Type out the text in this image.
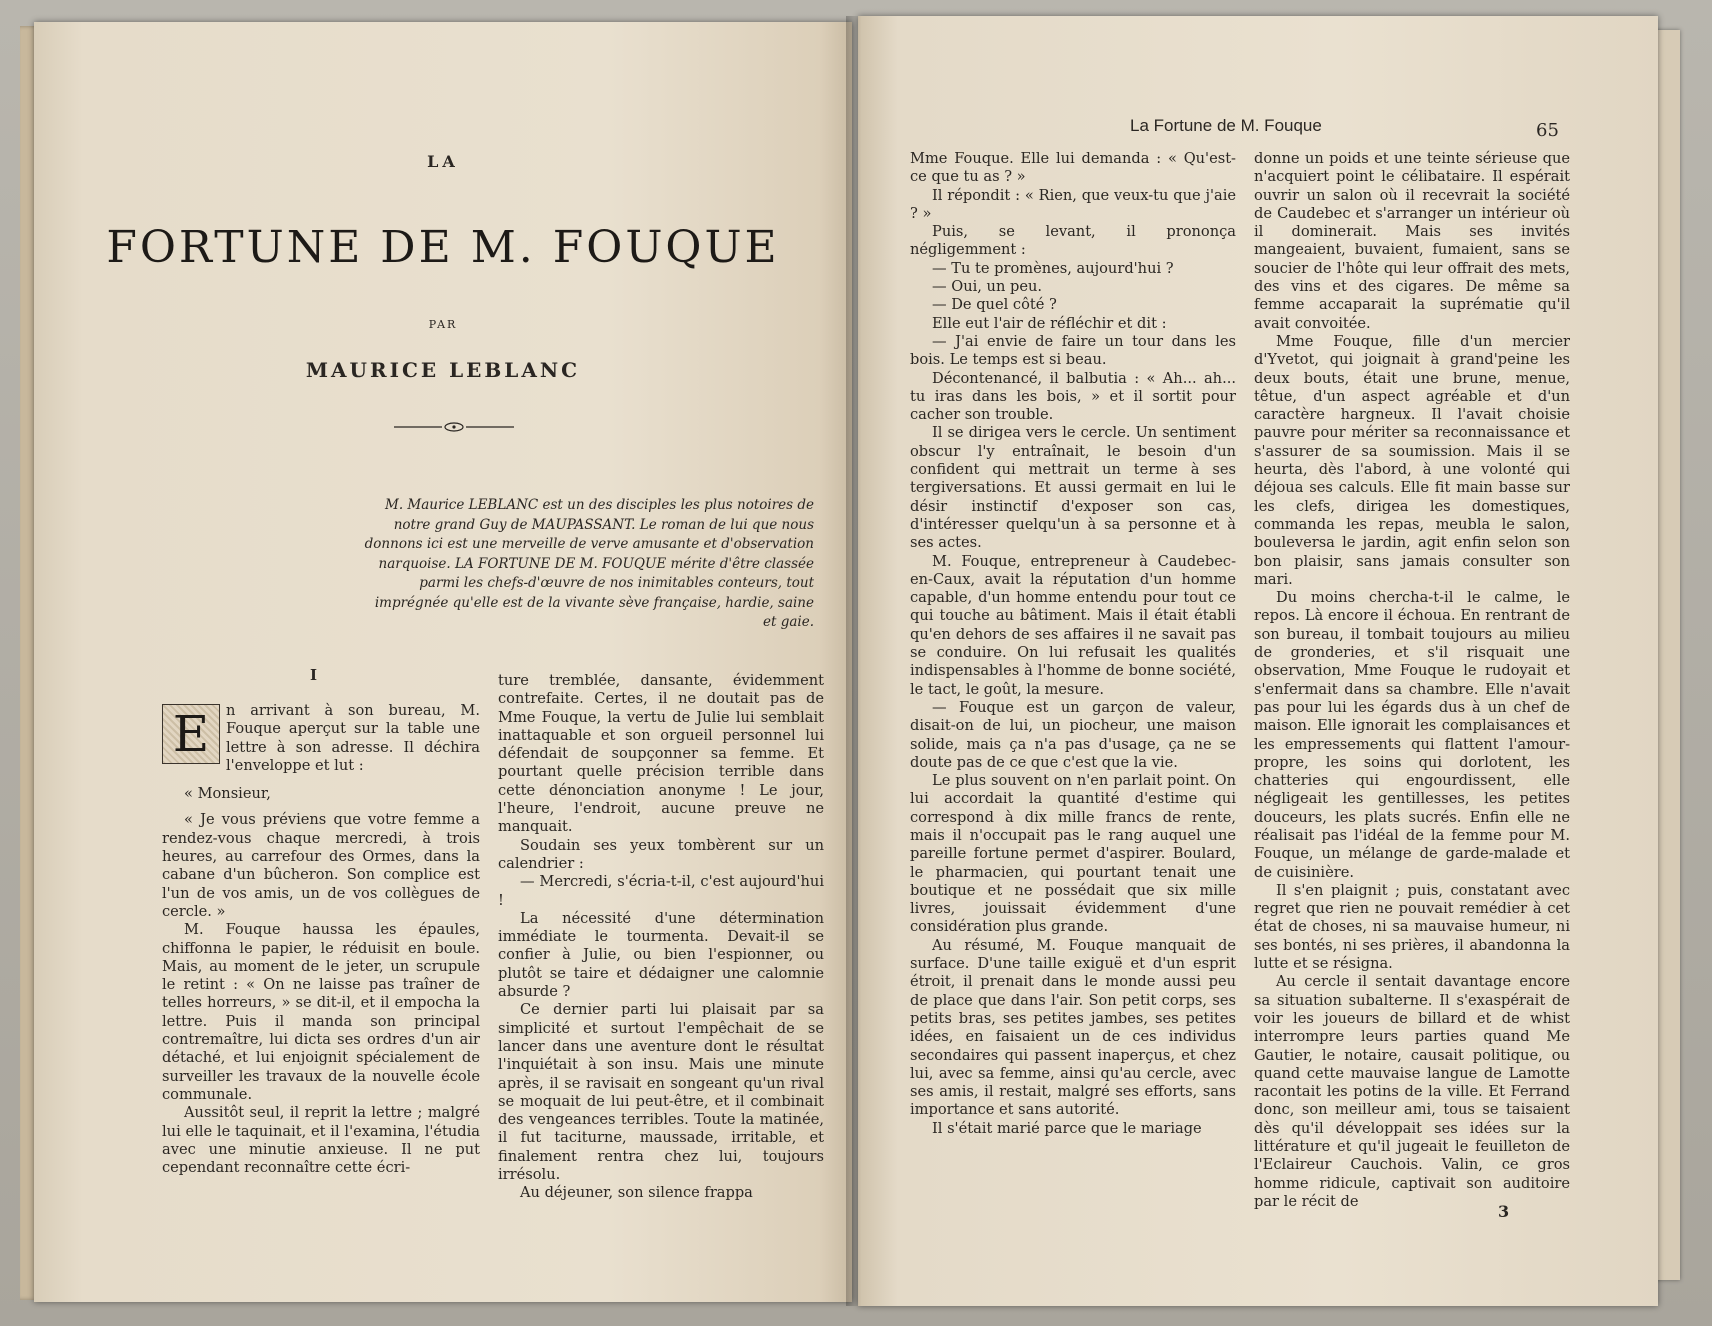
LA
FORTUNE DE M. FOUQUE
PAR
MAURICE LEBLANC
M. Maurice LEBLANC est un des disciples les plus notoires de notre grand Guy de MAUPASSANT. Le roman de lui que nous donnons ici est une merveille de verve amusante et d'observation narquoise. LA FORTUNE DE M. FOUQUE mérite d'être classée parmi les chefs-d'œuvre de nos inimitables conteurs, tout imprégnée qu'elle est de la vivante sève française, hardie, saine et gaie.
I

E	n arrivant à son bureau, M. Fouque aperçut sur la table une lettre à son adresse. Il déchira l'enveloppe et lut :

« Monsieur,

« Je vous préviens que votre femme a rendez-vous chaque mercredi, à trois heures, au carrefour des Ormes, dans la cabane d'un bûcheron. Son complice est l'un de vos amis, un de vos collègues de cercle. »

M. Fouque haussa les épaules, chiffonna le papier, le réduisit en boule. Mais, au moment de le jeter, un scrupule le retint : « On ne laisse pas traîner de telles horreurs, » se dit-il, et il empocha la lettre. Puis il manda son principal contremaître, lui dicta ses ordres d'un air détaché, et lui enjoignit spécialement de surveiller les travaux de la nouvelle école communale.

Aussitôt seul, il reprit la lettre ; malgré lui elle le taquinait, et il l'examina, l'étudia avec une minutie anxieuse. Il ne put cependant reconnaître cette écri-

ture tremblée, dansante, évidemment contrefaite. Certes, il ne doutait pas de Mme Fouque, la vertu de Julie lui semblait inattaquable et son orgueil personnel lui défendait de soupçonner sa femme. Et pourtant quelle précision terrible dans cette dénonciation anonyme ! Le jour, l'heure, l'endroit, aucune preuve ne manquait.

Soudain ses yeux tombèrent sur un calendrier :

— Mercredi, s'écria-t-il, c'est aujourd'hui !

La nécessité d'une détermination immédiate le tourmenta. Devait-il se confier à Julie, ou bien l'espionner, ou plutôt se taire et dédaigner une calomnie absurde ?

Ce dernier parti lui plaisait par sa simplicité et surtout l'empêchait de se lancer dans une aventure dont le résultat l'inquiétait à son insu. Mais une minute après, il se ravisait en songeant qu'un rival se moquait de lui peut-être, et il combinait des vengeances terribles. Toute la matinée, il fut taciturne, maussade, irritable, et finalement rentra chez lui, toujours irrésolu.

Au déjeuner, son silence frappa

La Fortune de M. Fouque	65

Mme Fouque. Elle lui demanda : « Qu'est-ce que tu as ? »

Il répondit : « Rien, que veux-tu que j'aie ? »

Puis, se levant, il prononça négligemment :

— Tu te promènes, aujourd'hui ?

— Oui, un peu.

— De quel côté ?

Elle eut l'air de réfléchir et dit :

— J'ai envie de faire un tour dans les bois. Le temps est si beau.

Décontenancé, il balbutia : « Ah... ah... tu iras dans les bois, » et il sortit pour cacher son trouble.

Il se dirigea vers le cercle. Un sentiment obscur l'y entraînait, le besoin d'un confident qui mettrait un terme à ses tergiversations. Et aussi germait en lui le désir instinctif d'exposer son cas, d'intéresser quelqu'un à sa personne et à ses actes.

M. Fouque, entrepreneur à Caudebec-en-Caux, avait la réputation d'un homme capable, d'un homme entendu pour tout ce qui touche au bâtiment. Mais il était établi qu'en dehors de ses affaires il ne savait pas se conduire. On lui refusait les qualités indispensables à l'homme de bonne société, le tact, le goût, la mesure.

— Fouque est un garçon de valeur, disait-on de lui, un piocheur, une maison solide, mais ça n'a pas d'usage, ça ne se doute pas de ce que c'est que la vie.

Le plus souvent on n'en parlait point. On lui accordait la quantité d'estime qui correspond à dix mille francs de rente, mais il n'occupait pas le rang auquel une pareille fortune permet d'aspirer. Boulard, le pharmacien, qui pourtant tenait une boutique et ne possédait que six mille livres, jouissait évidemment d'une considération plus grande.

Au résumé, M. Fouque manquait de surface. D'une taille exiguë et d'un esprit étroit, il prenait dans le monde aussi peu de place que dans l'air. Son petit corps, ses petits bras, ses petites jambes, ses petites idées, en faisaient un de ces individus secondaires qui passent inaperçus, et chez lui, avec sa femme, ainsi qu'au cercle, avec ses amis, il restait, malgré ses efforts, sans importance et sans autorité.

Il s'était marié parce que le mariage

donne un poids et une teinte sérieuse que n'acquiert point le célibataire. Il espérait ouvrir un salon où il recevrait la société de Caudebec et s'arranger un intérieur où il dominerait. Mais ses invités mangeaient, buvaient, fumaient, sans se soucier de l'hôte qui leur offrait des mets, des vins et des cigares. De même sa femme accaparait la suprématie qu'il avait convoitée.

Mme Fouque, fille d'un mercier d'Yvetot, qui joignait à grand'peine les deux bouts, était une brune, menue, têtue, d'un aspect agréable et d'un caractère hargneux. Il l'avait choisie pauvre pour mériter sa reconnaissance et s'assurer de sa soumission. Mais il se heurta, dès l'abord, à une volonté qui déjoua ses calculs. Elle fit main basse sur les clefs, dirigea les domestiques, commanda les repas, meubla le salon, bouleversa le jardin, agit enfin selon son bon plaisir, sans jamais consulter son mari.

Du moins chercha-t-il le calme, le repos. Là encore il échoua. En rentrant de son bureau, il tombait toujours au milieu de gronderies, et s'il risquait une observation, Mme Fouque le rudoyait et s'enfermait dans sa chambre. Elle n'avait pas pour lui les égards dus à un chef de maison. Elle ignorait les complaisances et les empressements qui flattent l'amour-propre, les soins qui dorlotent, les chatteries qui engourdissent, elle négligeait les gentillesses, les petites douceurs, les plats sucrés. Enfin elle ne réalisait pas l'idéal de la femme pour M. Fouque, un mélange de garde-malade et de cuisinière.

Il s'en plaignit ; puis, constatant avec regret que rien ne pouvait remédier à cet état de choses, ni sa mauvaise humeur, ni ses bontés, ni ses prières, il abandonna la lutte et se résigna.

Au cercle il sentait davantage encore sa situation subalterne. Il s'exaspérait de voir les joueurs de billard et de whist interrompre leurs parties quand Me Gautier, le notaire, causait politique, ou quand cette mauvaise langue de Lamotte racontait les potins de la ville. Et Ferrand donc, son meilleur ami, tous se taisaient dès qu'il développait ses idées sur la littérature et qu'il jugeait le feuilleton de l'Eclaireur Cauchois. Valin, ce gros homme ridicule, captivait son auditoire par le récit de

3
